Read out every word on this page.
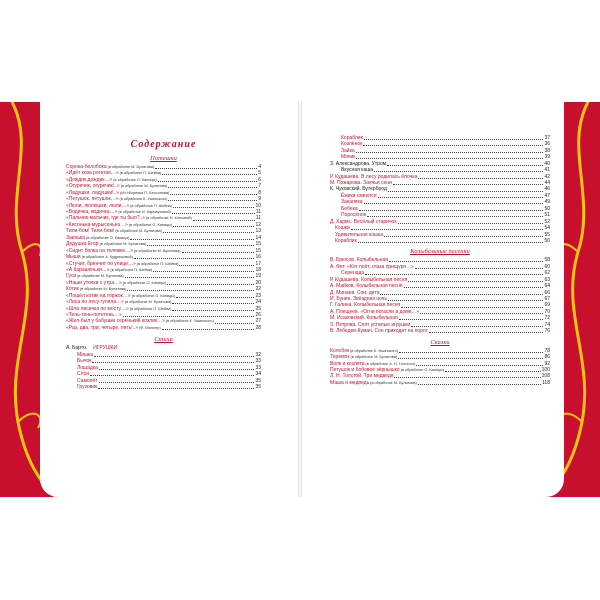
Содержание
Потешки
Сорока-белобока (в обработке М. Булатова)	4
«Идёт коза рогатая…» (в обработке П. Шейна)	5
«Дождик,дождик…» (в обработке О. Капицы)	6
«Огуречик, огуречик!..» (в обработке М. Булатова)	7
«Ладушки, ладушки!..» (Из сборника П. Бессонова)	8
«Петушок, петушок…» (в обработке К. Ушинского)	9
«Люли, люлюшки, люли…» (в обработке П. Шейна)	10
«Водичка, водичка…» (в обработке И. Карнауховой)	11
«Пальчик-мальчик, где ты был?..» (в обработке Н. Котковой)	11
«Кисонька-мурысенька…» (в обработке О. Капицы)	12
Тили-бом! Тили-бом! (в обработке М. Булатова)	13
Заинька (в обработке О. Капицы)	14
Дедушка Егор (в обработке М. Булатова)	15
«Сидит белка на тележке…» (в обработке М. Булатова)	15
Мыши (в обработке А. Кудряшовой)	16
«Стучит, бренчит по улице…» (в обработке П. Шейна)	17
«А барашеньки…» (в обработке П. Шейна)	18
Гуси (в обработке М. Булатова)	19
«Наши уточки с утра…» (в обработке О. Капицы)	20
Котик (в обработке М. Булатова)	22
«Пошёл котик на торжок…» (в обработке О. Капицы)	23
«Лиса по лесу гуляла…» (в обработке М. Булатова)	24
«Шла лисичка по мосту…» (в обработке П. Шейна)	25
«Тень-тень-потетень…»	26
«Жил-был у бабушки серенький козлик…» (в обработке К. Ушинского)	27
«Раз, два, три, четыре, пять!..» (Ф. Миллер)	28
Стихи
А. Барто. ИГРУШКИ
Мишка	32
Бычок	33
Лошадка	33
Слон	34
Самолёт	35
Грузовик	35
Кораблик	37
Козлёнок	36
Зайка	38
Мячик	39
З. Александрова. Утром	40
Вкусная каша	41
Р. Кудашева. В лесу родилась ёлочка	42
М. Пожарова. Заячьи сени	44
К. Чуковский. Бутерброд	46
Ёжики смеются	47
Закаляка	49
Бебека	50
Поросёнок	51
Д. Хармс. Весёлый старичок	52
Кошки	54
Удивительная кошка	55
Кораблик	56
Колыбельные песенки
В. Брюсов. Колыбельная	58
А. Фет. «Кот поёт, глаза прищуря…»	60
Серенада	62
Р. Кудашева. Колыбельная песня	63
А. Майков. Колыбельная песня	64
Д. Минаев. Спи, дитя	66
И. Бунин. Звёздная ночь	67
Г. Галина. Колыбельная песня	69
А. Плещеев. «Огни погасли в доме…»	70
М. Исаковский. Колыбельная	72
З. Петрова. Спят усталые игрушки	74
В. Лебедев-Кумач. Сон приходит на порог	76
Сказки
Колобок (в обработке К. Ушинского)	78
Теремок (в обработке М. Булатова)	86
Волк и козлята (в обработке А. Н. Толстого)	92
Петушок и бобовое зёрнышко (в обработке О. Капицы)	100
Л. Н. Толстой. Три медведя	108
Маша и медведь (в обработке М. Булатова)	118
